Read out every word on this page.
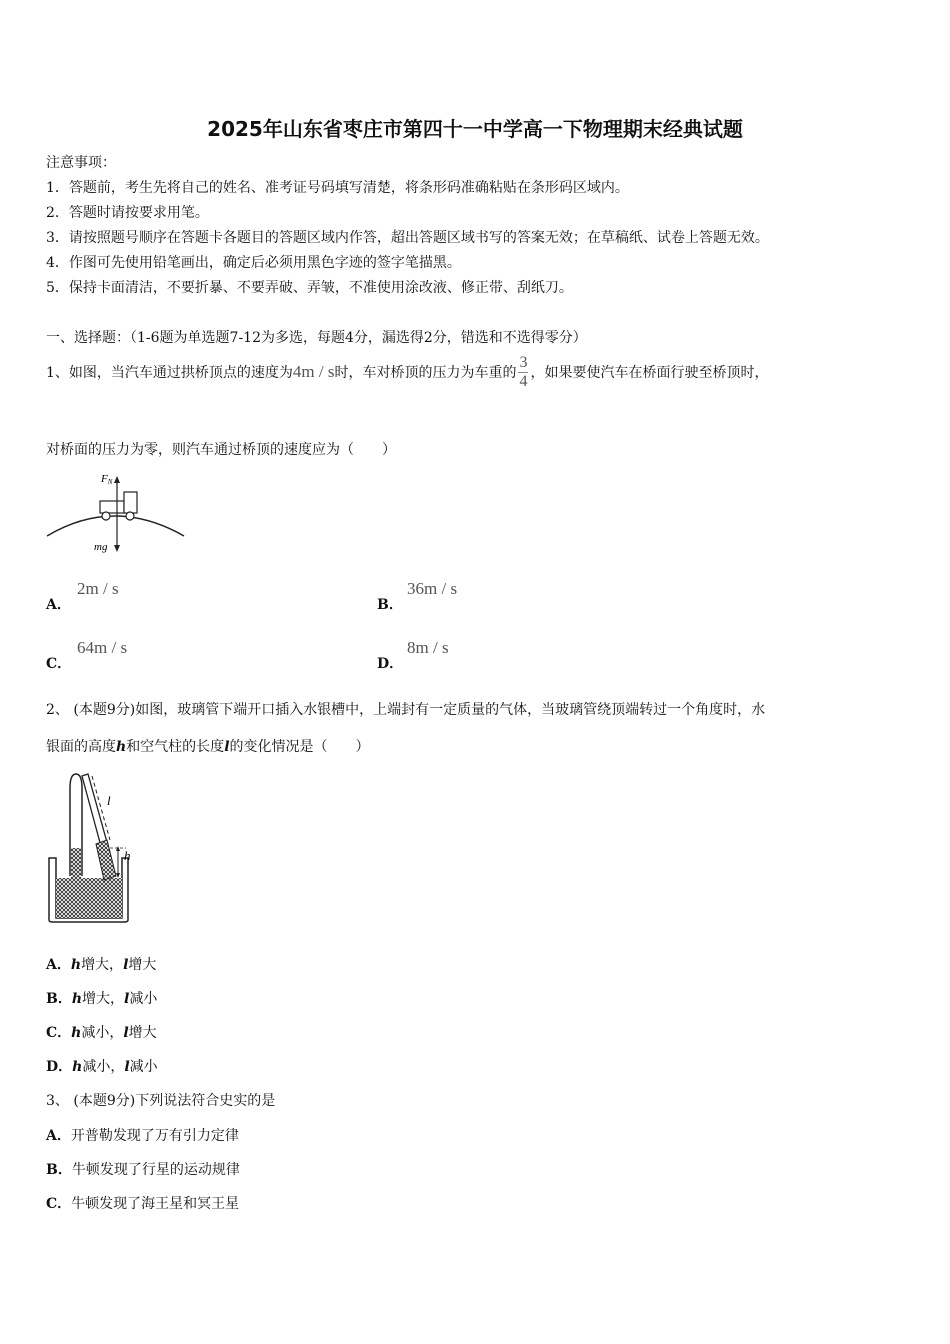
2025年山东省枣庄市第四十一中学高一下物理期末经典试题
注意事项：
1．答题前，考生先将自己的姓名、准考证号码填写清楚，将条形码准确粘贴在条形码区域内。
2．答题时请按要求用笔。
3．请按照题号顺序在答题卡各题目的答题区域内作答，超出答题区域书写的答案无效；在草稿纸、试卷上答题无效。
4．作图可先使用铅笔画出，确定后必须用黑色字迹的签字笔描黑。
5．保持卡面清洁，不要折暴、不要弄破、弄皱，不准使用涂改液、修正带、刮纸刀。
一、选择题：（1-6题为单选题7-12为多选，每题4分，漏选得2分，错选和不选得零分）
1、如图，当汽车通过拱桥顶点的速度为 4m / s 时，车对桥顶的压力为车重的 $\frac{3}{4}$ ，如果要使汽车在桥面行驶至桥顶时，
对桥面的压力为零，则汽车通过桥顶的速度应为（　　）
FN
mg
A．
2m / s
B．
36m / s
C．
64m / s
D．
8m / s
2、 (本题9分)如图，玻璃管下端开口插入水银槽中，上端封有一定质量的气体，当玻璃管绕顶端转过一个角度时，水
银面的高度h和空气柱的长度l的变化情况是（　　）
l
h
A．h增大，l增大
B．h增大，l减小
C．h减小，l增大
D．h减小，l减小
3、 (本题9分)下列说法符合史实的是
A．开普勒发现了万有引力定律
B．牛顿发现了行星的运动规律
C．牛顿发现了海王星和冥王星
